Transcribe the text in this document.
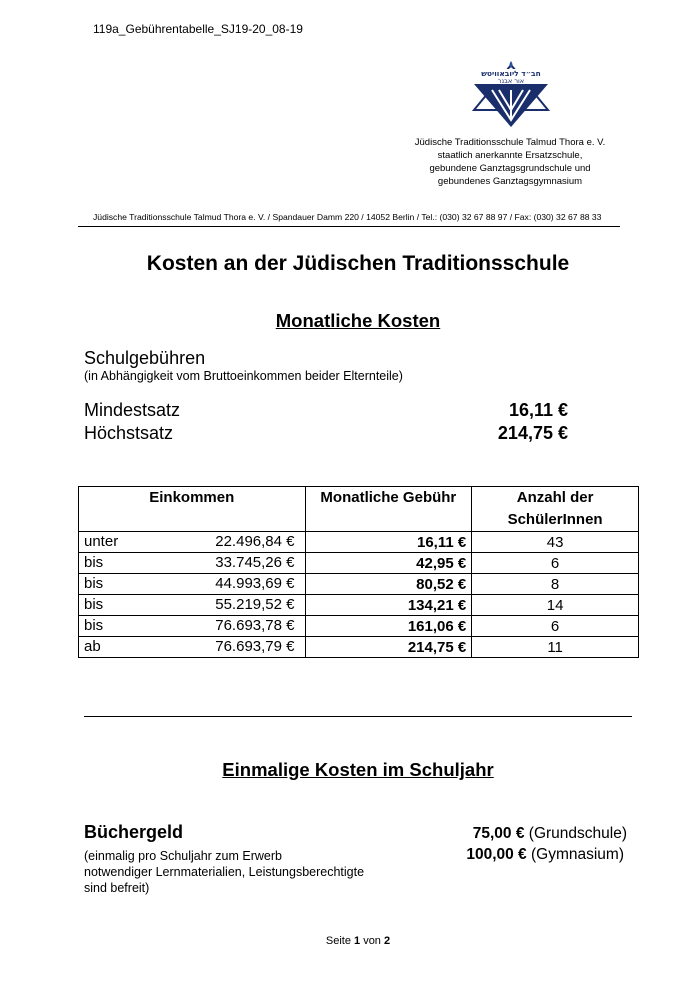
119a_Gebührentabelle_SJ19-20_08-19
חב״ד ליובאוויטש
אור אבנר
Jüdische Traditionsschule Talmud Thora e. V.
staatlich anerkannte Ersatzschule,
gebundene Ganztagsgrundschule und
gebundenes Ganztagsgymnasium
Jüdische Traditionsschule Talmud Thora e. V. / Spandauer Damm 220 / 14052 Berlin / Tel.: (030) 32 67 88 97 / Fax: (030) 32 67 88 33
Kosten an der Jüdischen Traditionsschule
Monatliche Kosten
Schulgebühren
(in Abhängigkeit vom Bruttoeinkommen beider Elternteile)
Mindestsatz	16,11 €
Höchstsatz	214,75 €
Einkommen	Monatliche Gebühr	Anzahl der
SchülerInnen

unter 22.496,84 €	16,11 €	43

bis 33.745,26 €	42,95 €	6

bis 44.993,69 €	80,52 €	8

bis 55.219,52 €	134,21 €	14

bis 76.693,78 €	161,06 €	6

ab 76.693,79 €	214,75 €	11
Einmalige Kosten im Schuljahr
Büchergeld
(einmalig pro Schuljahr zum Erwerb
notwendiger Lernmaterialien, Leistungsberechtigte
sind befreit)
75,00 € (Grundschule)
100,00 € (Gymnasium)
Seite 1 von 2
